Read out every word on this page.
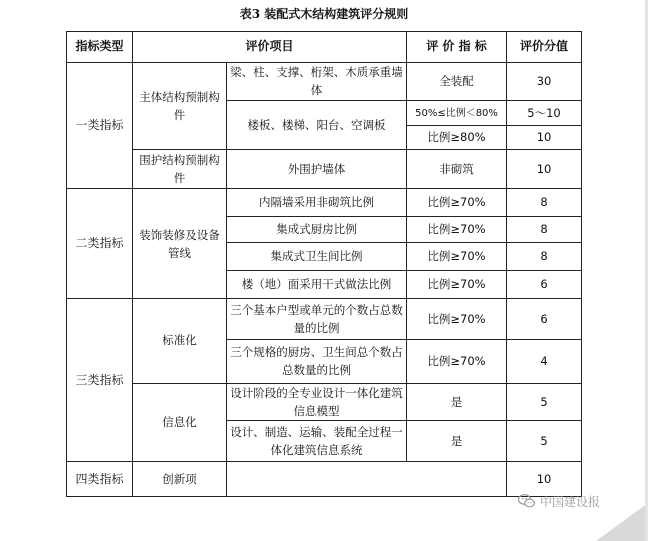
表3 装配式木结构建筑评分规则
指标类型	评价项目		评 价 指 标	评价分值
一类指标	主体结构预制构件	梁、柱、支撑、桁架、木质承重墙体	全装配	30
		楼板、楼梯、阳台、空调板	50%≤比例＜80%	5～10
			比例≥80%	10
	围护结构预制构件	外围护墙体	非砌筑	10
二类指标	装饰装修及设备管线	内隔墙采用非砌筑比例	比例≥70%	8
		集成式厨房比例	比例≥70%	8
		集成式卫生间比例	比例≥70%	8
		楼（地）面采用干式做法比例	比例≥70%	6
三类指标	标准化	三个基本户型或单元的个数占总数量的比例	比例≥70%	6
		三个规格的厨房、卫生间总个数占总数量的比例	比例≥70%	4
	信息化	设计阶段的全专业设计一体化建筑信息模型	是	5
		设计、制造、运输、装配全过程一体化建筑信息系统	是	5
四类指标	创新项			10
中国建设报
